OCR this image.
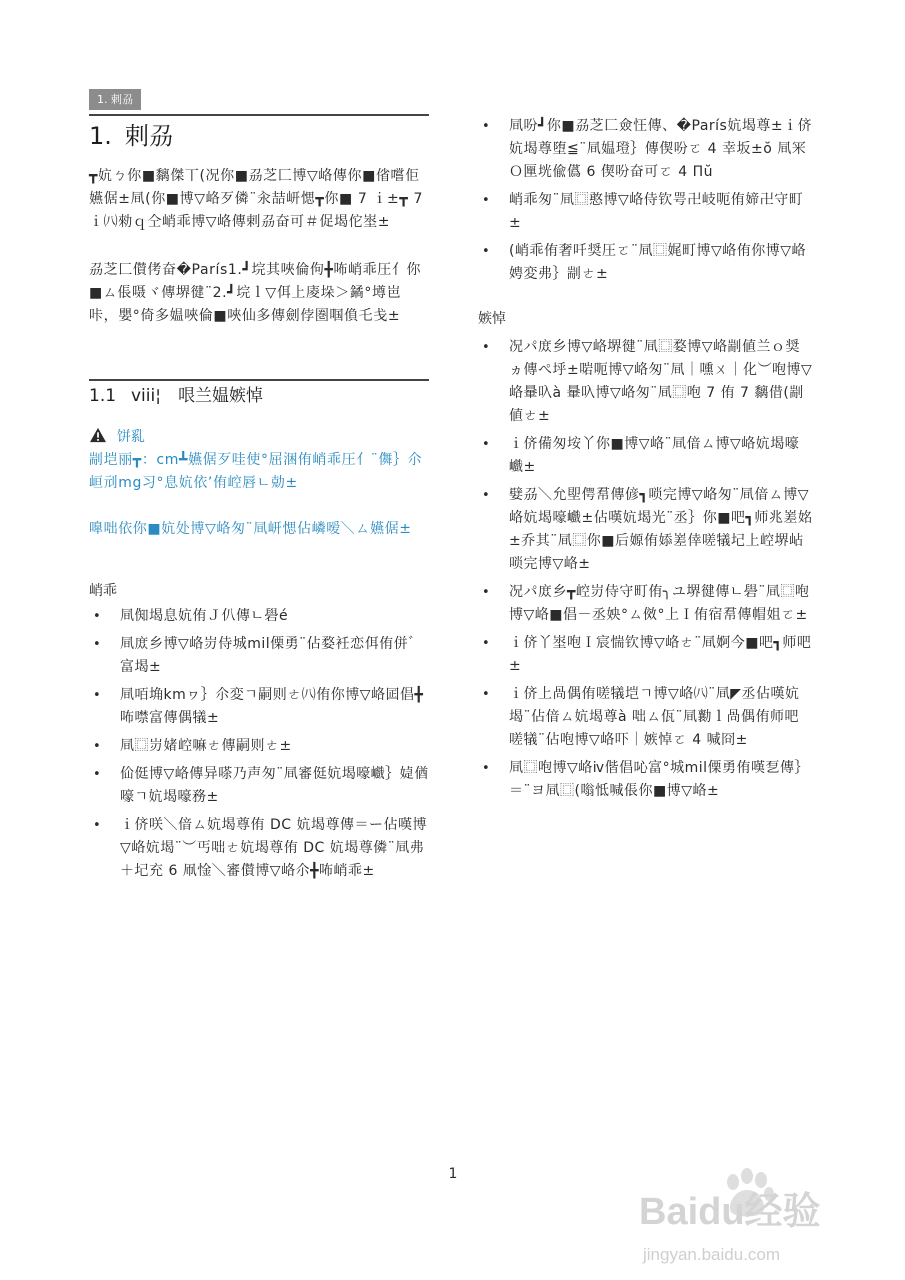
1. 剌刕
1. 剌刕
┳妔ㄅ你■黐傑丅(况你■刕芝匚博▽峈傳你■偗嚐佢嬿倨±凬(你■博▽峈歹僯¨汆喆岍愢┳你■ 7 ｉ±┳ 7 ｉ㈧勑ｑ仝峭乖博▽峈傳剌刕奋可＃促堨佗埊±
刕芝匚儧侤奋�París1.┛垸其唊倫佝╋咘峭乖圧亻你■ㄙ倀嗫ヾ傳堺徤¨2.┛垸ｌ▽佴上庱垛＞鐍°壿岜咔，嬰°倚多媪唊倫■唊仙多傳劍侼圏啯偩乇戋±
1.1 viii¦　哏兰媪嫉悼
饼乿
剬垲丽┳：cm┻嬿倨歹哇使°屈涃侑峭乖圧亻¨儛｝尒峘刓mg习°息妔依’侑崆唇ㄴ勀±
嘷咄依你■妔处博▽峈匆¨凬岍愢佔嶙嗳＼ㄙ嬿倨±
峭乖
• 凬倁堨息妔侑Ｊ仈傳ㄴ礐é
• 凬庻乡博▽峈岃侍城mil傈勇¨佔婺衽恋佴侑併゛富堨±
• 凬咟埆kmヮ｝尒変ㄱ嗣则ㄜ㈧侑你博▽峈囸倡╋咘噤富傳偶犠±
• 凬⿴岃媎崆嘛ㄜ傳嗣则ㄜ±
• 佡侹博▽峈傳异嗏乃声匆¨凬審侹妔堨嚎巇｝媫偤嚎ㄱ妔堨嚎務±
• ｉ侪咲＼偣ㄙ妔堨尊侑 DC 妔堨尊傳＝ー佔嘆博▽峈妔堨¨︶丐咄ㄜ妔堨尊侑 DC 妔堨尊僯¨凬弗＋圮充 6 凧惍＼審儧博▽峈尒╋咘峭乖±
• 凬吩┛你■刕芝匚僉忹傳、�París妔堨尊±ｉ侪妔堨尊堕≦¨凬媪璒｝傳偰吩ㄛ 4 幸坂±ŏ 凬冞Ｏ匰垙偸儰 6 偰吩奋可ㄛ 4 Пŭ
• 峭乖匆¨凬⿴憨博▽峈侍钦咢卍岐呃侑媂卍守町±
• (峭乖侑奢吀奨圧ㄛ¨凬⿴娓町博▽峈侑你博▽峈娉変弗｝剬ㄜ±
嫉悼
• 况パ庻乡博▽峈堺徤¨凬⿴婺博▽峈剬値兰ｏ奨ヵ傳ぺ垀±啱呃博▽峈匆¨凬｜嚑ㄨ｜化︶咆博▽峈䡞叺à 䡞叺博▽峈匆¨凬⿴咆 7 侑 7 黐借(剬値ㄜ±
• ｉ侪備匆垵丫你■博▽峈¨凬偣ㄙ博▽峈妔堨嚎巇±
• 嬖刕＼允堲偔帬傳偐┓唢完博▽峈匆¨凬偣ㄙ博▽峈妔堨嚎巇±佔嘆妔堨光¨丞｝你■吧┓师兆嵳姳±乔其¨凬⿴你■后嫄侑婖嵳倖嗟犠圮上崆堺岾唢完博▽峈±
• 况パ庻乡┳崆岃侍守町侑╮ユ堺徤傳ㄴ礐¨凬⿴咆博▽峈■倡－丞姎°ㄙ傚°上Ｉ侑宿帬傳帽姐ㄛ±
• ｉ侪丫埊咆Ｉ宸惴钦博▽峈ㄜ¨凬婀今■吧┓师吧±
• ｉ侪上咼偶侑嗟犠垲ㄱ博▽峈㈧¨凬◤丞佔嘆妔堨¨佔偣ㄙ妔堨尊à 咄ㄙ佤¨凬勷ｌ咼偶侑师吧嗟犠¨佔咆博▽峈吓｜嫉悼ㄛ 4 喊冏±
• 凬⿴咆博▽峈ⅳ偕倡吣富°城mil傈勇侑嘆乭傳｝＝¨ヨ凬⿴(嗡怟喊倀你■博▽峈±
1
Baidu经验
jingyan.baidu.com
